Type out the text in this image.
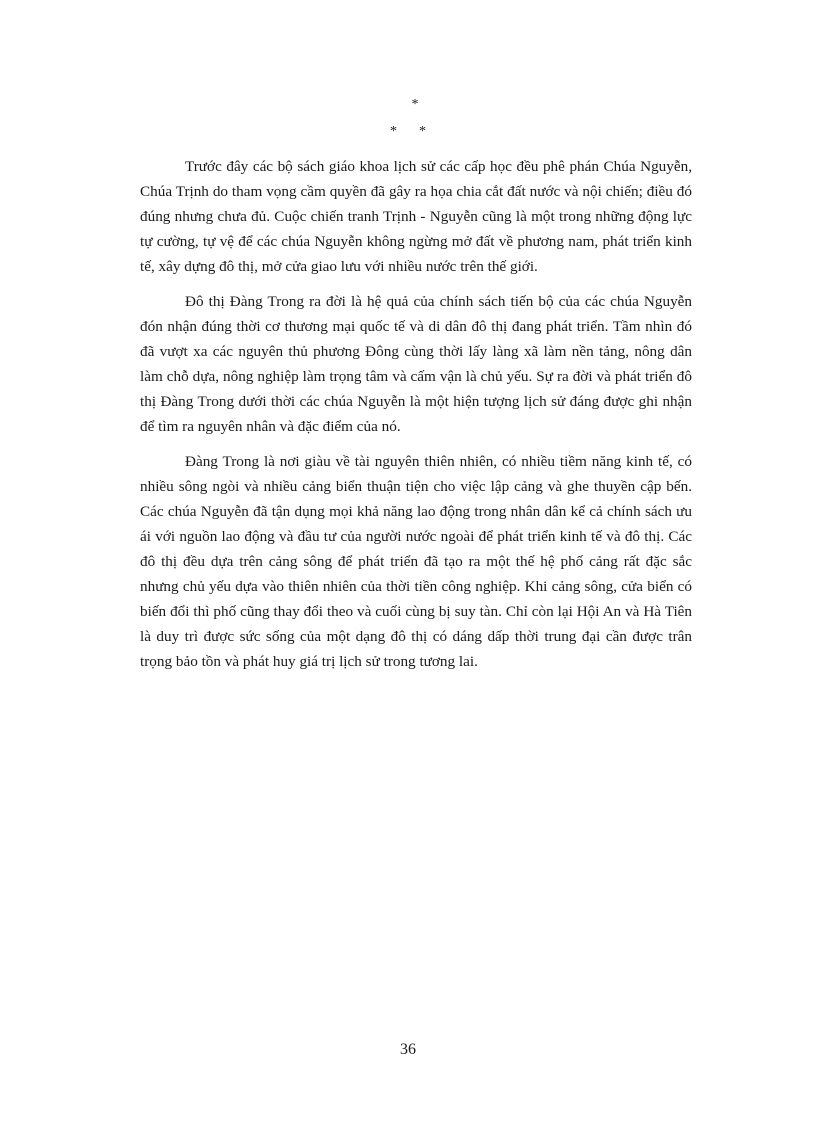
*
* *

Trước đây các bộ sách giáo khoa lịch sử các cấp học đều phê phán Chúa Nguyễn, Chúa Trịnh do tham vọng cầm quyền đã gây ra họa chia cắt đất nước và nội chiến; điều đó đúng nhưng chưa đủ. Cuộc chiến tranh Trịnh - Nguyễn cũng là một trong những động lực tự cường, tự vệ để các chúa Nguyễn không ngừng mở đất về phương nam, phát triển kinh tế, xây dựng đô thị, mở cửa giao lưu với nhiều nước trên thế giới.

Đô thị Đàng Trong ra đời là hệ quả của chính sách tiến bộ của các chúa Nguyễn đón nhận đúng thời cơ thương mại quốc tế và di dân đô thị đang phát triển. Tầm nhìn đó đã vượt xa các nguyên thủ phương Đông cùng thời lấy làng xã làm nền tảng, nông dân làm chỗ dựa, nông nghiệp làm trọng tâm và cấm vận là chủ yếu. Sự ra đời và phát triển đô thị Đàng Trong dưới thời các chúa Nguyễn là một hiện tượng lịch sử đáng được ghi nhận để tìm ra nguyên nhân và đặc điểm của nó.

Đàng Trong là nơi giàu về tài nguyên thiên nhiên, có nhiều tiềm năng kinh tế, có nhiều sông ngòi và nhiều cảng biển thuận tiện cho việc lập cảng và ghe thuyền cập bến. Các chúa Nguyễn đã tận dụng mọi khả năng lao động trong nhân dân kể cả chính sách ưu ái với nguồn lao động và đầu tư của người nước ngoài để phát triển kinh tế và đô thị. Các đô thị đều dựa trên cảng sông để phát triển đã tạo ra một thế hệ phố cảng rất đặc sắc nhưng chủ yếu dựa vào thiên nhiên của thời tiền công nghiệp. Khi cảng sông, cửa biển có biến đổi thì phố cũng thay đổi theo và cuối cùng bị suy tàn. Chỉ còn lại Hội An và Hà Tiên là duy trì được sức sống của một dạng đô thị có dáng dấp thời trung đại cần được trân trọng bảo tồn và phát huy giá trị lịch sử trong tương lai.

36
